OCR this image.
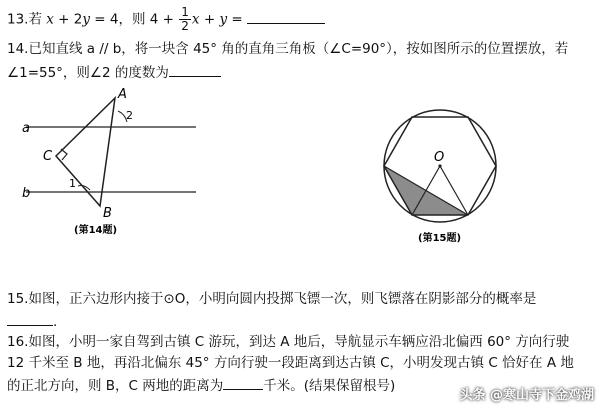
13.若 x + 2y = 4，则 $4 + \frac{1}{2}$ x + y =
14.已知直线 a // b，将一块含 45° 角的直角三角板（∠C=90°），按如图所示的位置摆放，若
∠1=55°，则∠2 的度数为
a
b
A
B
C
1
2
(第14题)
O
(第15题)
15.如图，正六边形内接于⊙O，小明向圆内投掷飞镖一次，则飞镖落在阴影部分的概率是
.
16.如图，小明一家自驾到古镇 C 游玩，到达 A 地后，导航显示车辆应沿北偏西 60° 方向行驶
12 千米至 B 地，再沿北偏东 45° 方向行驶一段距离到达古镇 C，小明发现古镇 C 恰好在 A 地
的正北方向，则 B，C 两地的距离为	千米。(结果保留根号)
头条 @寒山寺下金鸡湖
